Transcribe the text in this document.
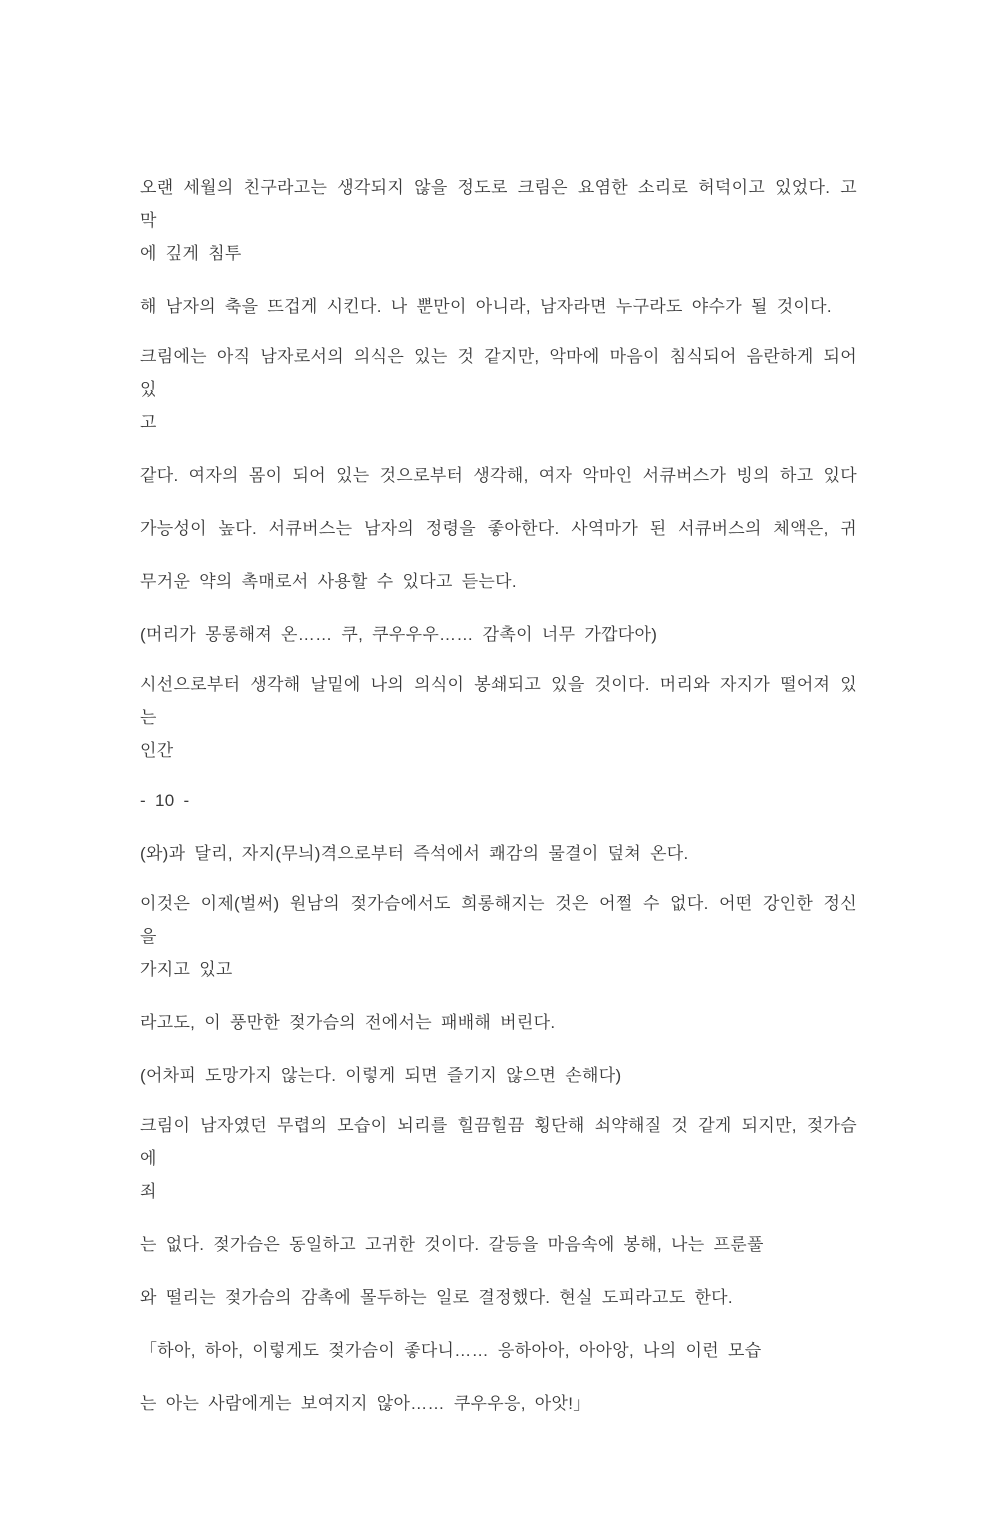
오랜 세월의 친구라고는 생각되지 않을 정도로 크림은 요염한 소리로 허덕이고 있었다. 고막
에 깊게 침투

해 남자의 축을 뜨겁게 시킨다. 나 뿐만이 아니라, 남자라면 누구라도 야수가 될 것이다.

크림에는 아직 남자로서의 의식은 있는 것 같지만, 악마에 마음이 침식되어 음란하게 되어 있
고

같다. 여자의 몸이 되어 있는 것으로부터 생각해, 여자 악마인 서큐버스가 빙의 하고 있다

가능성이 높다. 서큐버스는 남자의 정령을 좋아한다. 사역마가 된 서큐버스의 체액은, 귀

무거운 약의 촉매로서 사용할 수 있다고 듣는다.

(머리가 몽롱해져 온…… 쿠, 쿠우우우…… 감촉이 너무 가깝다아)

시선으로부터 생각해 날밑에 나의 의식이 봉쇄되고 있을 것이다. 머리와 자지가 떨어져 있는
인간

- 10 -

(와)과 달리, 자지(무늬)격으로부터 즉석에서 쾌감의 물결이 덮쳐 온다.

이것은 이제(벌써) 원남의 젖가슴에서도 희롱해지는 것은 어쩔 수 없다. 어떤 강인한 정신을
가지고 있고

라고도, 이 풍만한 젖가슴의 전에서는 패배해 버린다.

(어차피 도망가지 않는다. 이렇게 되면 즐기지 않으면 손해다)

크림이 남자였던 무렵의 모습이 뇌리를 힐끔힐끔 횡단해 쇠약해질 것 같게 되지만, 젖가슴에
죄

는 없다. 젖가슴은 동일하고 고귀한 것이다. 갈등을 마음속에 봉해, 나는 프룬풀

와 떨리는 젖가슴의 감촉에 몰두하는 일로 결정했다. 현실 도피라고도 한다.

「하아, 하아, 이렇게도 젖가슴이 좋다니…… 응하아아, 아아앙, 나의 이런 모습

는 아는 사람에게는 보여지지 않아…… 쿠우우응, 아앗!」
